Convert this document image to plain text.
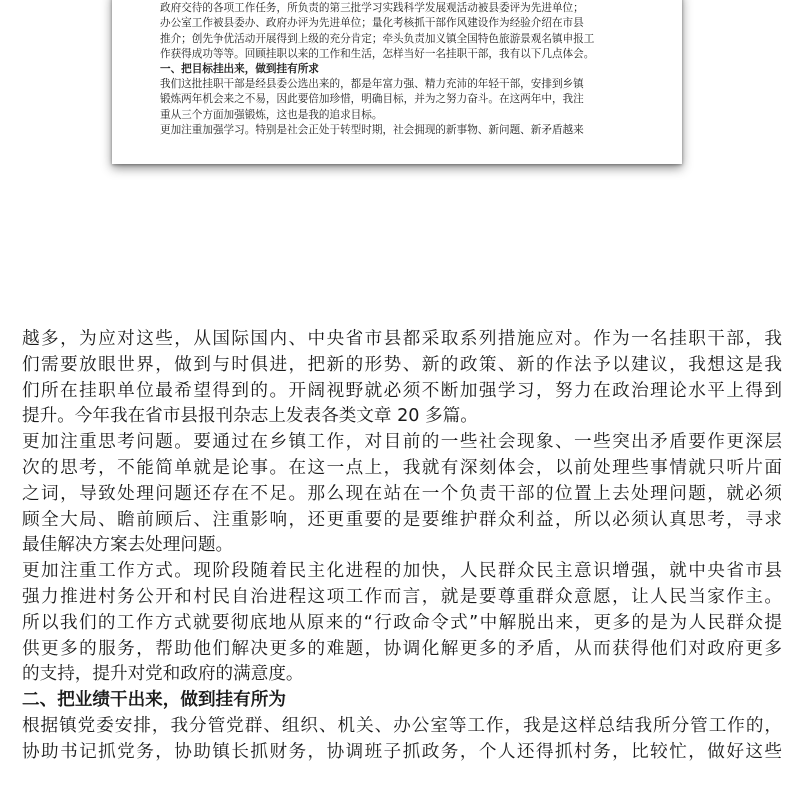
政府交待的各项工作任务，所负责的第三批学习实践科学发展观活动被县委评为先进单位；
办公室工作被县委办、政府办评为先进单位；量化考核抓干部作风建设作为经验介绍在市县
推介；创先争优活动开展得到上级的充分肯定；牵头负责加义镇全国特色旅游景观名镇申报工
作获得成功等等。回顾挂职以来的工作和生活，怎样当好一名挂职干部，我有以下几点体会。
一、把目标挂出来，做到挂有所求
我们这批挂职干部是经县委公选出来的，都是年富力强、精力充沛的年轻干部，安排到乡镇
锻炼两年机会来之不易，因此要倍加珍惜，明确目标，并为之努力奋斗。在这两年中，我注
重从三个方面加强锻炼，这也是我的追求目标。
更加注重加强学习。特别是社会正处于转型时期，社会拥现的新事物、新问题、新矛盾越来
越多，为应对这些，从国际国内、中央省市县都采取系列措施应对。作为一名挂职干部，我
们需要放眼世界，做到与时俱进，把新的形势、新的政策、新的作法予以建议，我想这是我
们所在挂职单位最希望得到的。开阔视野就必须不断加强学习，努力在政治理论水平上得到
提升。今年我在省市县报刊杂志上发表各类文章 20 多篇。
更加注重思考问题。要通过在乡镇工作，对目前的一些社会现象、一些突出矛盾要作更深层
次的思考，不能简单就是论事。在这一点上，我就有深刻体会，以前处理些事情就只听片面
之词，导致处理问题还存在不足。那么现在站在一个负责干部的位置上去处理问题，就必须
顾全大局、瞻前顾后、注重影响，还更重要的是要维护群众利益，所以必须认真思考，寻求
最佳解决方案去处理问题。
更加注重工作方式。现阶段随着民主化进程的加快，人民群众民主意识增强，就中央省市县
强力推进村务公开和村民自治进程这项工作而言，就是要尊重群众意愿，让人民当家作主。
所以我们的工作方式就要彻底地从原来的“行政命令式”中解脱出来，更多的是为人民群众提
供更多的服务，帮助他们解决更多的难题，协调化解更多的矛盾，从而获得他们对政府更多
的支持，提升对党和政府的满意度。
二、把业绩干出来，做到挂有所为
根据镇党委安排，我分管党群、组织、机关、办公室等工作，我是这样总结我所分管工作的，
协助书记抓党务，协助镇长抓财务，协调班子抓政务，个人还得抓村务，比较忙，做好这些
